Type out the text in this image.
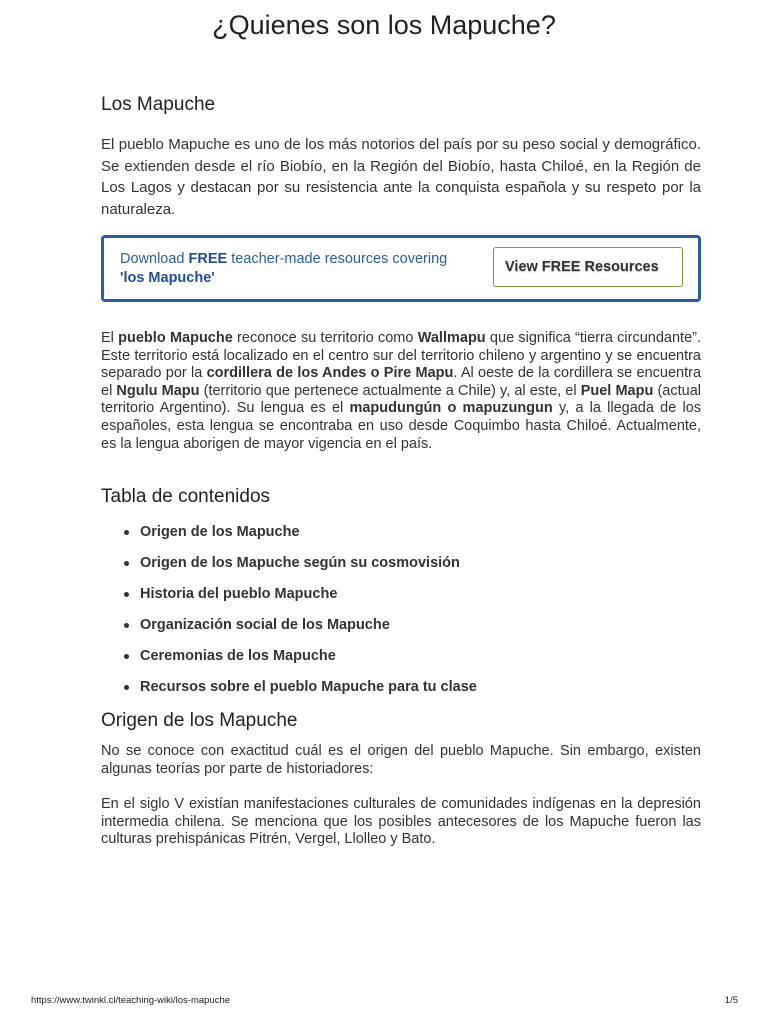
¿Quienes son los Mapuche?
Los Mapuche

El pueblo Mapuche es uno de los más notorios del país por su peso social y demográfico. Se extienden desde el río Biobío, en la Región del Biobío, hasta Chiloé, en la Región de Los Lagos y destacan por su resistencia ante la conquista española y su respeto por la naturaleza.

Download FREE teacher-made resources covering
'los Mapuche'
View FREE Resources

El pueblo Mapuche reconoce su territorio como Wallmapu que significa “tierra circundante”. Este territorio está localizado en el centro sur del territorio chileno y argentino y se encuentra separado por la cordillera de los Andes o Pire Mapu. Al oeste de la cordillera se encuentra el Ngulu Mapu (territorio que pertenece actualmente a Chile) y, al este, el Puel Mapu (actual territorio Argentino). Su lengua es el mapudungún o mapuzungun y, a la llegada de los españoles, esta lengua se encontraba en uso desde Coquimbo hasta Chiloé. Actualmente, es la lengua aborigen de mayor vigencia en el país.

Tabla de contenidos
Origen de los Mapuche
Origen de los Mapuche según su cosmovisión
Historia del pueblo Mapuche
Organización social de los Mapuche
Ceremonias de los Mapuche
Recursos sobre el pueblo Mapuche para tu clase
Origen de los Mapuche

No se conoce con exactitud cuál es el origen del pueblo Mapuche. Sin embargo, existen algunas teorías por parte de historiadores:

En el siglo V existían manifestaciones culturales de comunidades indígenas en la depresión intermedia chilena. Se menciona que los posibles antecesores de los Mapuche fueron las culturas prehispánicas Pitrén, Vergel, Llolleo y Bato.

https://www.twinkl.cl/teaching-wiki/los-mapuche	1/5
